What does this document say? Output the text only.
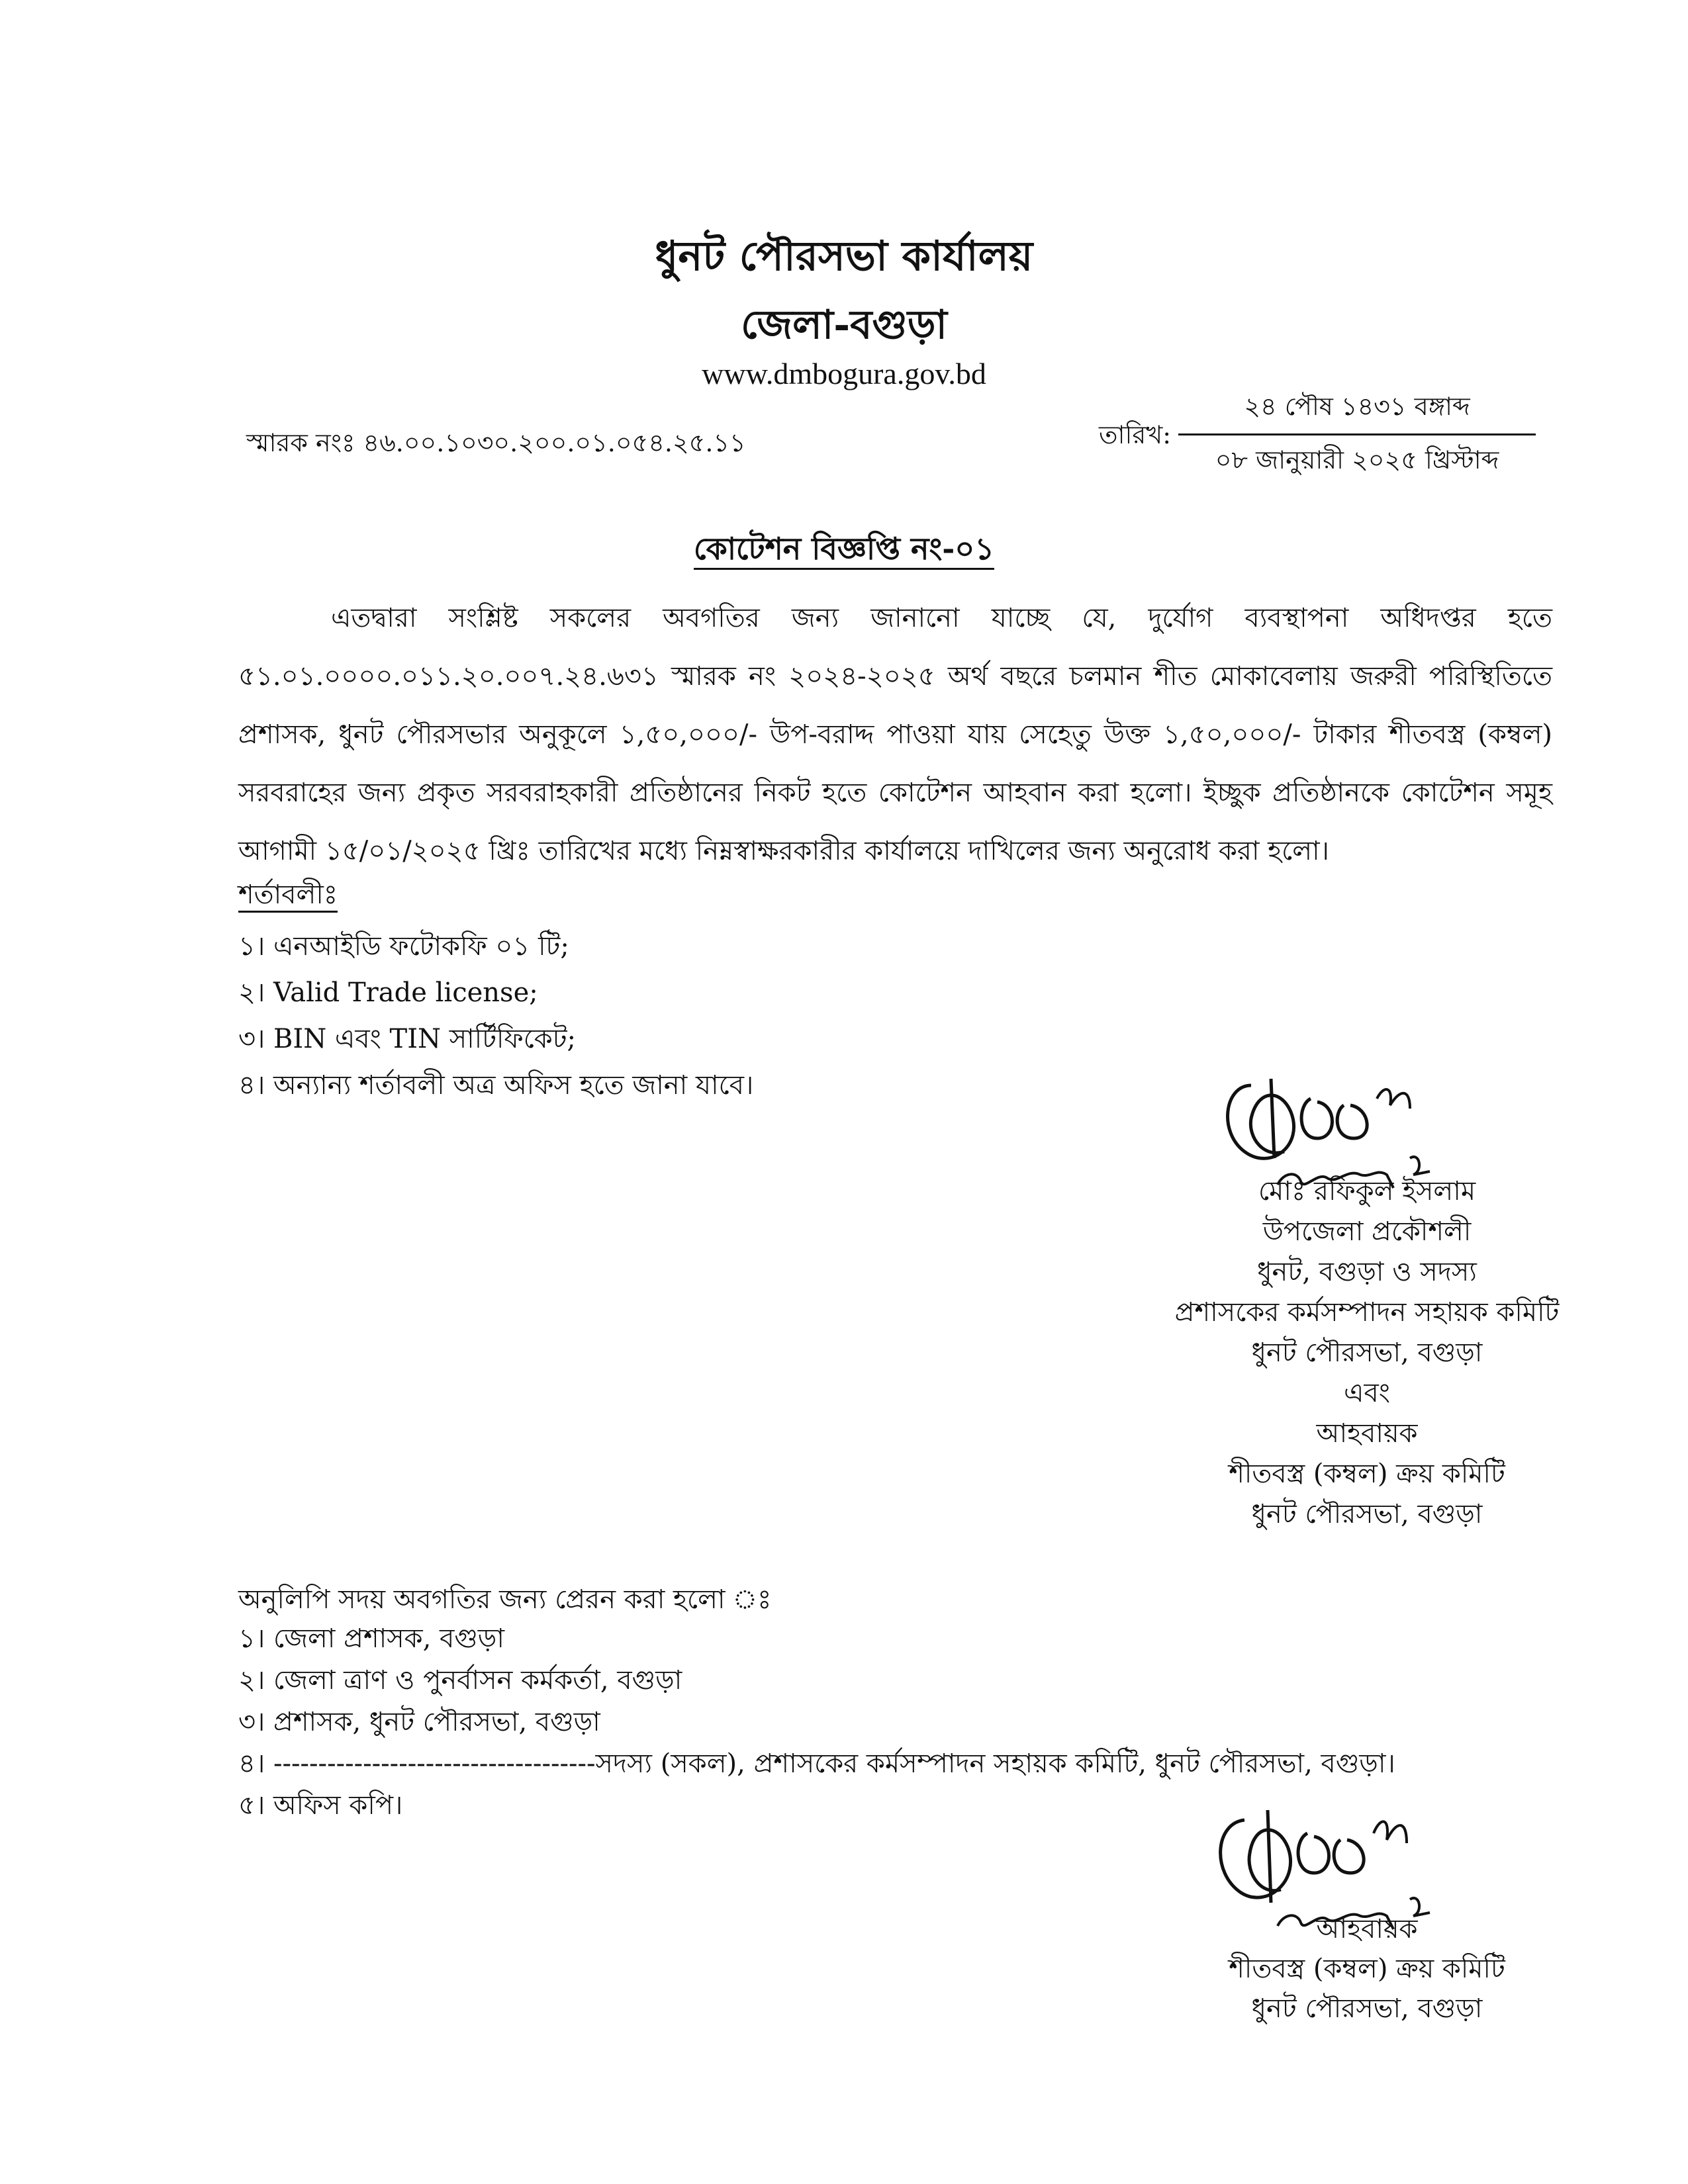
ধুনট পৌরসভা কার্যালয়
জেলা-বগুড়া
www.dmbogura.gov.bd
স্মারক নংঃ ৪৬.০০.১০৩০.২০০.০১.০৫৪.২৫.১১	তারিখ:
২৪ পৌষ ১৪৩১ বঙ্গাব্দ
০৮ জানুয়ারী ২০২৫ খ্রিস্টাব্দ
কোটেশন বিজ্ঞপ্তি নং-০১
এতদ্বারা সংশ্লিষ্ট সকলের অবগতির জন্য জানানো যাচ্ছে যে, দুর্যোগ ব্যবস্থাপনা অধিদপ্তর হতে ৫১.০১.০০০০.০১১.২০.০০৭.২৪.৬৩১ স্মারক নং ২০২৪-২০২৫ অর্থ বছরে চলমান শীত মোকাবেলায় জরুরী পরিস্থিতিতে প্রশাসক, ধুনট পৌরসভার অনুকূলে ১,৫০,০০০/- উপ-বরাদ্দ পাওয়া যায় সেহেতু উক্ত ১,৫০,০০০/- টাকার শীতবস্ত্র (কম্বল) সরবরাহের জন্য প্রকৃত সরবরাহকারী প্রতিষ্ঠানের নিকট হতে কোটেশন আহবান করা হলো। ইচ্ছুক প্রতিষ্ঠানকে কোটেশন সমূহ আগামী ১৫/০১/২০২৫ খ্রিঃ তারিখের মধ্যে নিম্নস্বাক্ষরকারীর কার্যালয়ে দাখিলের জন্য অনুরোধ করা হলো।
শর্তাবলীঃ
১। এনআইডি ফটোকফি ০১ টি;
২। Valid Trade license;
৩। BIN এবং TIN সার্টিফিকেট;
৪। অন্যান্য শর্তাবলী অত্র অফিস হতে জানা যাবে।
মোঃ রফিকুল ইসলাম
উপজেলা প্রকৌশলী
ধুনট, বগুড়া ও সদস্য
প্রশাসকের কর্মসম্পাদন সহায়ক কমিটি
ধুনট পৌরসভা, বগুড়া
এবং
আহবায়ক
শীতবস্ত্র (কম্বল) ক্রয় কমিটি
ধুনট পৌরসভা, বগুড়া
অনুলিপি সদয় অবগতির জন্য প্রেরন করা হলো ঃ
১। জেলা প্রশাসক, বগুড়া
২। জেলা ত্রাণ ও পুনর্বাসন কর্মকর্তা, বগুড়া
৩। প্রশাসক, ধুনট পৌরসভা, বগুড়া
৪। ------------------------------------সদস্য (সকল), প্রশাসকের কর্মসম্পাদন সহায়ক কমিটি, ধুনট পৌরসভা, বগুড়া।
৫। অফিস কপি।
আহবায়ক
শীতবস্ত্র (কম্বল) ক্রয় কমিটি
ধুনট পৌরসভা, বগুড়া
